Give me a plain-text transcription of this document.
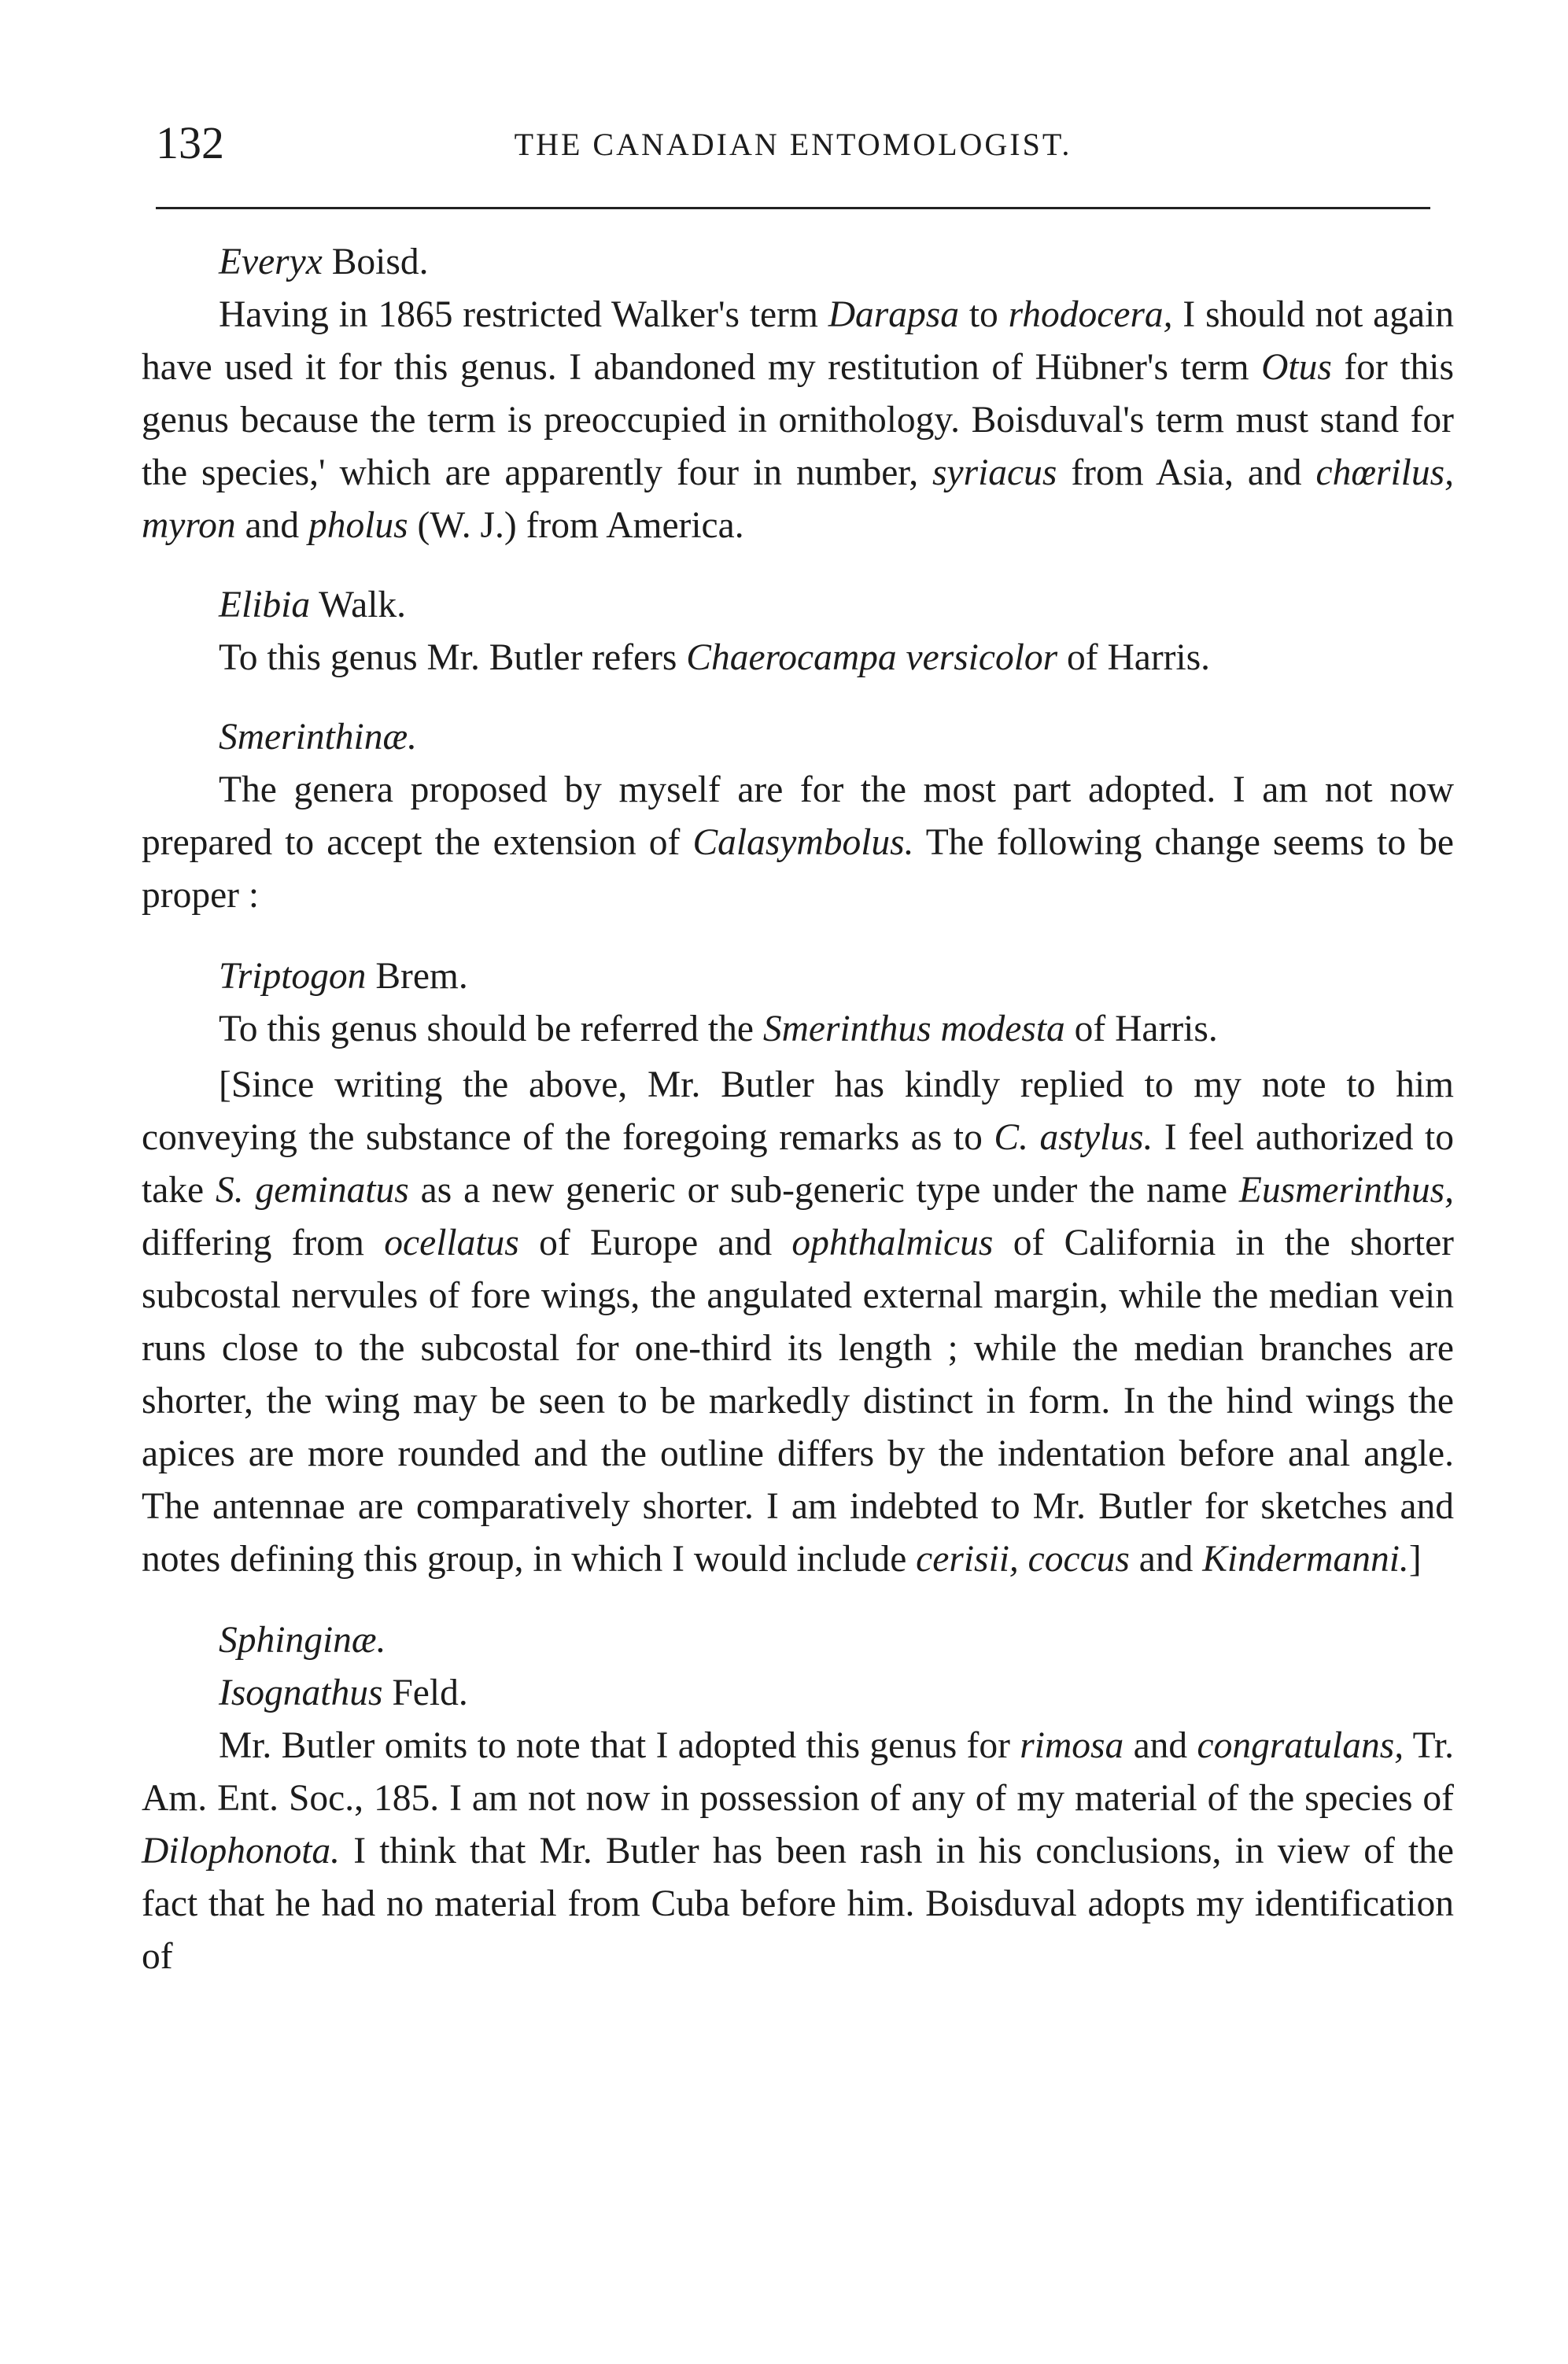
132	THE CANADIAN ENTOMOLOGIST.

Everyx Boisd.

Having in 1865 restricted Walker's term Darapsa to rhodocera, I should not again have used it for this genus. I abandoned my restitution of Hübner's term Otus for this genus because the term is preoccupied in ornithology. Boisduval's term must stand for the species,' which are apparently four in number, syriacus from Asia, and chœrilus, myron and pholus (W. J.) from America.

Elibia Walk.

To this genus Mr. Butler refers Chaerocampa versicolor of Harris.

Smerinthinæ.

The genera proposed by myself are for the most part adopted. I am not now prepared to accept the extension of Calasymbolus. The following change seems to be proper :

Triptogon Brem.

To this genus should be referred the Smerinthus modesta of Harris.

[Since writing the above, Mr. Butler has kindly replied to my note to him conveying the substance of the foregoing remarks as to C. astylus. I feel authorized to take S. geminatus as a new generic or sub-generic type under the name Eusmerinthus, differing from ocellatus of Europe and ophthalmicus of California in the shorter subcostal nervules of fore wings, the angulated external margin, while the median vein runs close to the subcostal for one-third its length ; while the median branches are shorter, the wing may be seen to be markedly distinct in form. In the hind wings the apices are more rounded and the outline differs by the indentation before anal angle. The antennae are comparatively shorter. I am indebted to Mr. Butler for sketches and notes defining this group, in which I would include cerisii, coccus and Kindermanni.]

Sphinginæ.

Isognathus Feld.

Mr. Butler omits to note that I adopted this genus for rimosa and congratulans, Tr. Am. Ent. Soc., 185. I am not now in possession of any of my material of the species of Dilophonota. I think that Mr. Butler has been rash in his conclusions, in view of the fact that he had no material from Cuba before him. Boisduval adopts my identification of
